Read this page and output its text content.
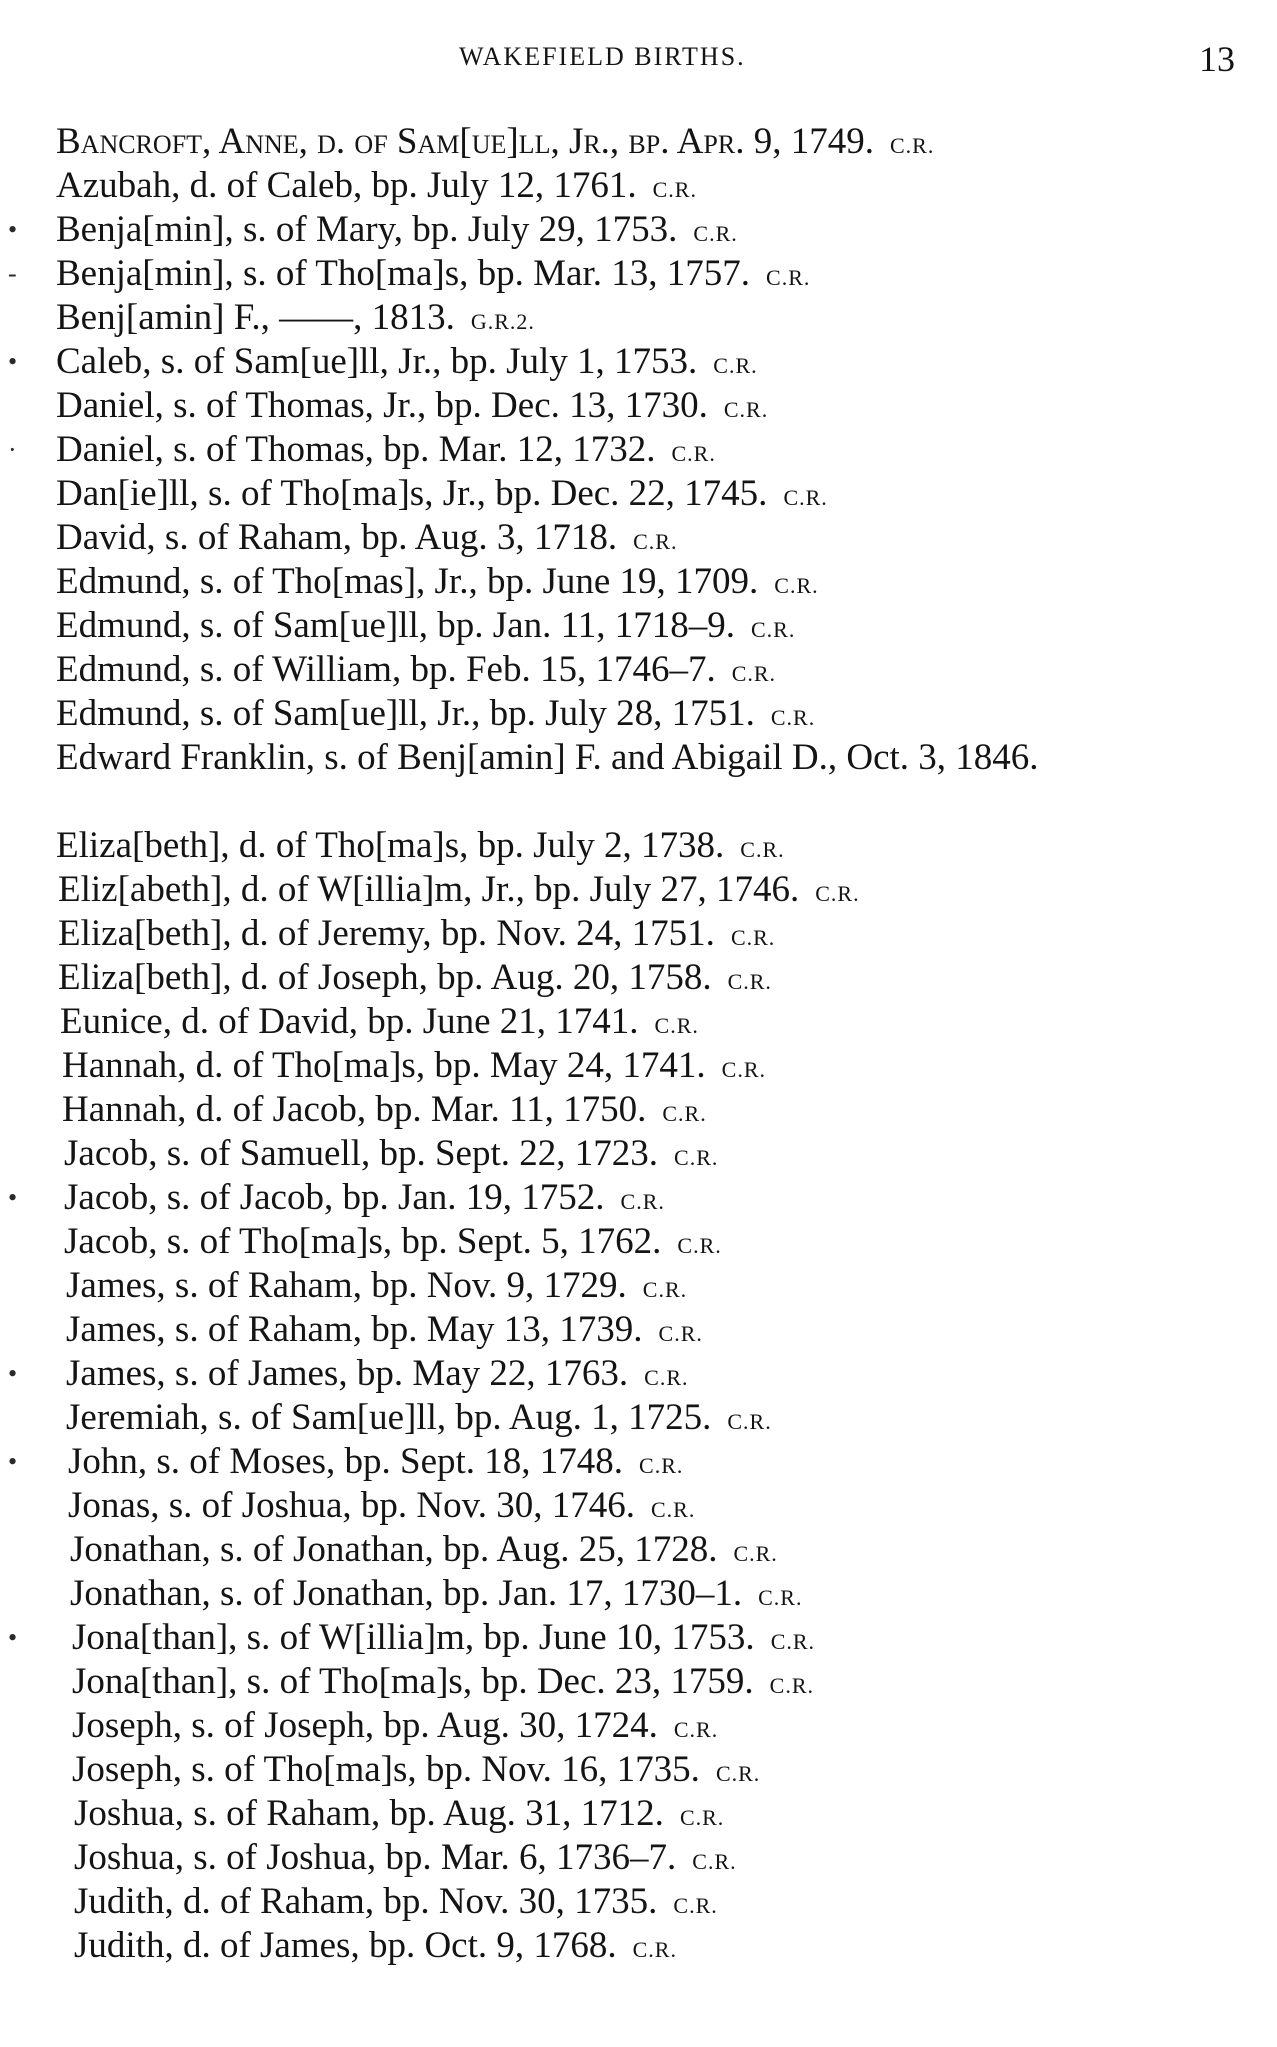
WAKEFIELD BIRTHS.	13
Bancroft, Anne, d. of Sam[ue]ll, Jr., bp. Apr. 9, 1749. C.R.
Azubah, d. of Caleb, bp. July 12, 1761. C.R.
• Benja[min], s. of Mary, bp. July 29, 1753. C.R.
- Benja[min], s. of Tho[ma]s, bp. Mar. 13, 1757. C.R.
Benj[amin] F., ——, 1813. G.R.2.
• Caleb, s. of Sam[ue]ll, Jr., bp. July 1, 1753. C.R.
Daniel, s. of Thomas, Jr., bp. Dec. 13, 1730. C.R.
· Daniel, s. of Thomas, bp. Mar. 12, 1732. C.R.
Dan[ie]ll, s. of Tho[ma]s, Jr., bp. Dec. 22, 1745. C.R.
David, s. of Raham, bp. Aug. 3, 1718. C.R.
Edmund, s. of Tho[mas], Jr., bp. June 19, 1709. C.R.
Edmund, s. of Sam[ue]ll, bp. Jan. 11, 1718–9. C.R.
Edmund, s. of William, bp. Feb. 15, 1746–7. C.R.
Edmund, s. of Sam[ue]ll, Jr., bp. July 28, 1751. C.R.
Edward Franklin, s. of Benj[amin] F. and Abigail D., Oct. 3, 1846.
Eliza[beth], d. of Tho[ma]s, bp. July 2, 1738. C.R.
Eliz[abeth], d. of W[illia]m, Jr., bp. July 27, 1746. C.R.
Eliza[beth], d. of Jeremy, bp. Nov. 24, 1751. C.R.
Eliza[beth], d. of Joseph, bp. Aug. 20, 1758. C.R.
Eunice, d. of David, bp. June 21, 1741. C.R.
Hannah, d. of Tho[ma]s, bp. May 24, 1741. C.R.
Hannah, d. of Jacob, bp. Mar. 11, 1750. C.R.
Jacob, s. of Samuell, bp. Sept. 22, 1723. C.R.
• Jacob, s. of Jacob, bp. Jan. 19, 1752. C.R.
Jacob, s. of Tho[ma]s, bp. Sept. 5, 1762. C.R.
James, s. of Raham, bp. Nov. 9, 1729. C.R.
James, s. of Raham, bp. May 13, 1739. C.R.
• James, s. of James, bp. May 22, 1763. C.R.
Jeremiah, s. of Sam[ue]ll, bp. Aug. 1, 1725. C.R.
• John, s. of Moses, bp. Sept. 18, 1748. C.R.
Jonas, s. of Joshua, bp. Nov. 30, 1746. C.R.
Jonathan, s. of Jonathan, bp. Aug. 25, 1728. C.R.
Jonathan, s. of Jonathan, bp. Jan. 17, 1730–1. C.R.
• Jona[than], s. of W[illia]m, bp. June 10, 1753. C.R.
Jona[than], s. of Tho[ma]s, bp. Dec. 23, 1759. C.R.
Joseph, s. of Joseph, bp. Aug. 30, 1724. C.R.
Joseph, s. of Tho[ma]s, bp. Nov. 16, 1735. C.R.
Joshua, s. of Raham, bp. Aug. 31, 1712. C.R.
Joshua, s. of Joshua, bp. Mar. 6, 1736–7. C.R.
Judith, d. of Raham, bp. Nov. 30, 1735. C.R.
Judith, d. of James, bp. Oct. 9, 1768. C.R.
